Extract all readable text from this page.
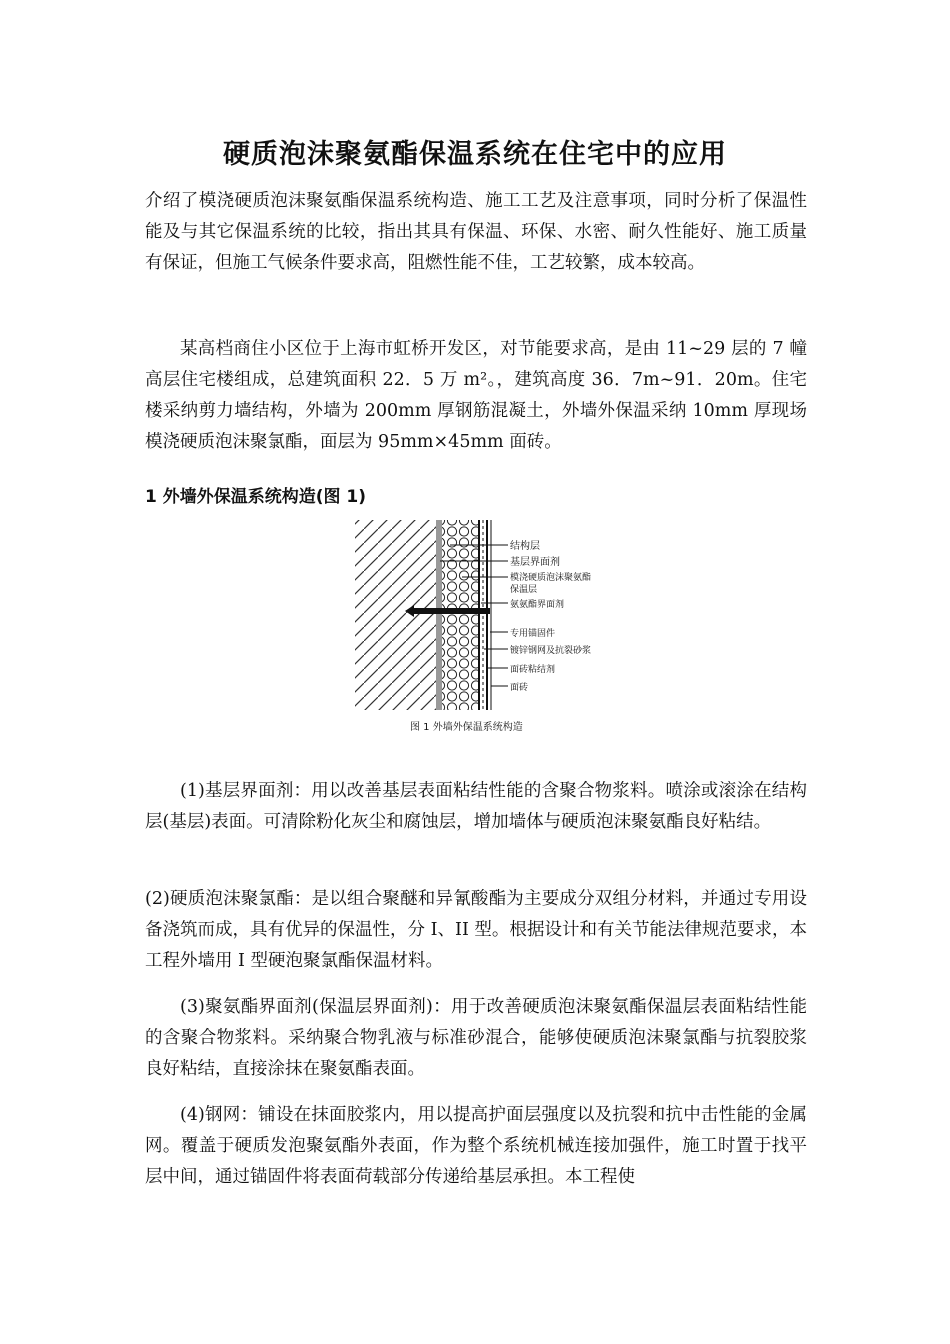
硬质泡沫聚氨酯保温系统在住宅中的应用

介绍了模浇硬质泡沫聚氨酯保温系统构造、施工工艺及注意事项，同时分析了保温性能及与其它保温系统的比较，指出其具有保温、环保、水密、耐久性能好、施工质量有保证，但施工气候条件要求高，阻燃性能不佳，工艺较繁，成本较高。

某高档商住小区位于上海市虹桥开发区，对节能要求高，是由 11~29 层的 7 幢高层住宅楼组成，总建筑面积 22．5 万 m²。，建筑高度 36．7m~91．20m。住宅楼采纳剪力墙结构，外墙为 200mm 厚钢筋混凝土，外墙外保温采纳 10mm 厚现场模浇硬质泡沫聚氯酯，面层为 95mm×45mm 面砖。

1 外墙外保温系统构造(图 1)

结构层
基层界面剂
模浇硬质泡沫聚氨酯
保温层
氨氨酯界面剂
专用锚固件
镀锌钢网及抗裂砂浆
面砖粘结剂
面砖
图 1 外墙外保温系统构造

(1)基层界面剂：用以改善基层表面粘结性能的含聚合物浆料。喷涂或滚涂在结构层(基层)表面。可清除粉化灰尘和腐蚀层，增加墙体与硬质泡沫聚氨酯良好粘结。

(2)硬质泡沫聚氯酯：是以组合聚醚和异氰酸酯为主要成分双组分材料，并通过专用设备浇筑而成，具有优异的保温性，分 I、II 型。根据设计和有关节能法律规范要求，本工程外墙用 I 型硬泡聚氯酯保温材料。

(3)聚氨酯界面剂(保温层界面剂)：用于改善硬质泡沫聚氨酯保温层表面粘结性能的含聚合物浆料。采纳聚合物乳液与标准砂混合，能够使硬质泡沫聚氯酯与抗裂胶浆良好粘结，直接涂抹在聚氨酯表面。

(4)钢网：铺设在抹面胶浆内，用以提高护面层强度以及抗裂和抗中击性能的金属网。覆盖于硬质发泡聚氨酯外表面，作为整个系统机械连接加强件，施工时置于找平层中间，通过锚固件将表面荷载部分传递给基层承担。本工程使
